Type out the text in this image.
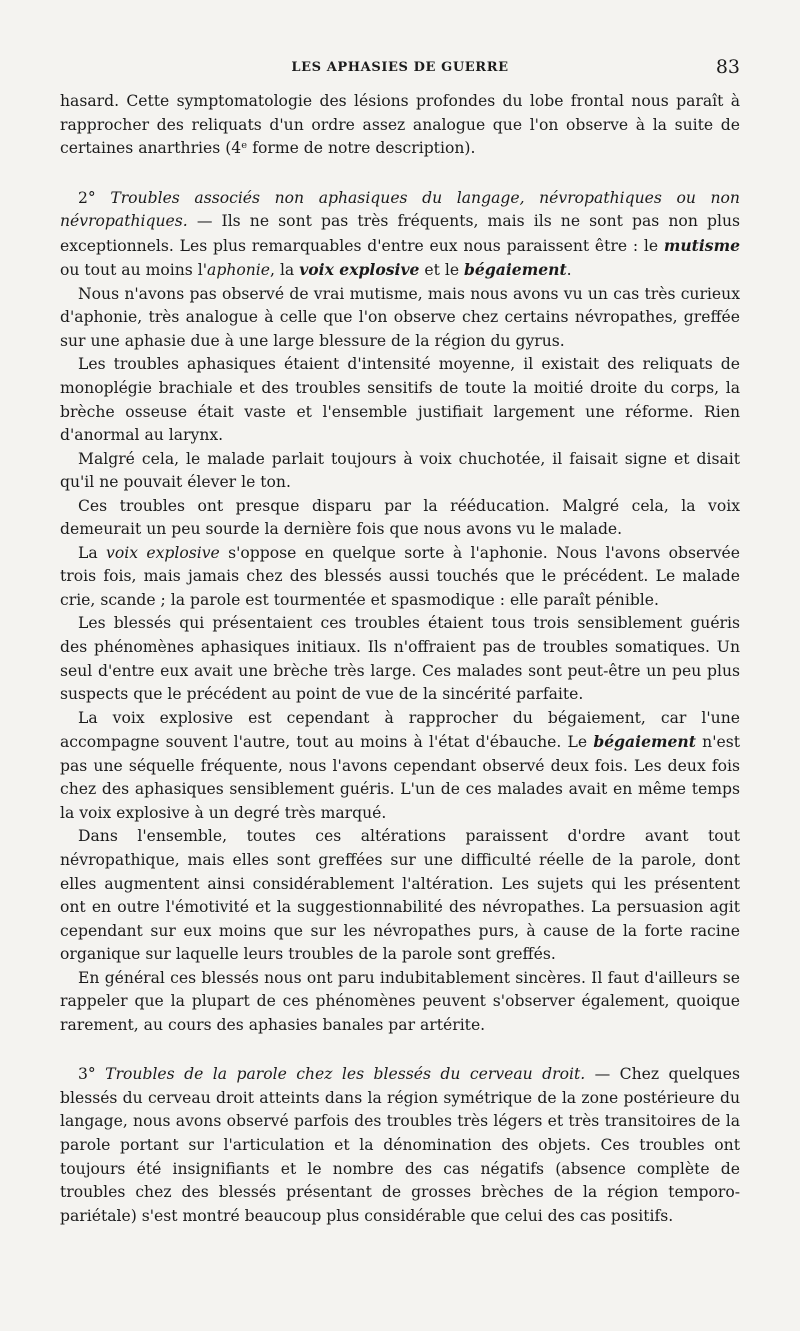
LES APHASIES DE GUERRE	83

hasard. Cette symptomatologie des lésions profondes du lobe frontal nous paraît à rapprocher des reliquats d'un ordre assez analogue que l'on observe à la suite de certaines anarthries (4ᵉ forme de notre description).

2° Troubles associés non aphasiques du langage, névropathiques ou non névropathiques. — Ils ne sont pas très fréquents, mais ils ne sont pas non plus exceptionnels. Les plus remarquables d'entre eux nous paraissent être : le mutisme ou tout au moins l'aphonie, la voix explosive et le bégaiement.

Nous n'avons pas observé de vrai mutisme, mais nous avons vu un cas très curieux d'aphonie, très analogue à celle que l'on observe chez certains névropathes, greffée sur une aphasie due à une large blessure de la région du gyrus.

Les troubles aphasiques étaient d'intensité moyenne, il existait des reliquats de monoplégie brachiale et des troubles sensitifs de toute la moitié droite du corps, la brèche osseuse était vaste et l'ensemble justifiait largement une réforme. Rien d'anormal au larynx.

Malgré cela, le malade parlait toujours à voix chuchotée, il faisait signe et disait qu'il ne pouvait élever le ton.

Ces troubles ont presque disparu par la rééducation. Malgré cela, la voix demeurait un peu sourde la dernière fois que nous avons vu le malade.

La voix explosive s'oppose en quelque sorte à l'aphonie. Nous l'avons observée trois fois, mais jamais chez des blessés aussi touchés que le précédent. Le malade crie, scande ; la parole est tourmentée et spasmodique : elle paraît pénible.

Les blessés qui présentaient ces troubles étaient tous trois sensiblement guéris des phénomènes aphasiques initiaux. Ils n'offraient pas de troubles somatiques. Un seul d'entre eux avait une brèche très large. Ces malades sont peut-être un peu plus suspects que le précédent au point de vue de la sincérité parfaite.

La voix explosive est cependant à rapprocher du bégaiement, car l'une accompagne souvent l'autre, tout au moins à l'état d'ébauche. Le bégaiement n'est pas une séquelle fréquente, nous l'avons cependant observé deux fois. Les deux fois chez des aphasiques sensiblement guéris. L'un de ces malades avait en même temps la voix explosive à un degré très marqué.

Dans l'ensemble, toutes ces altérations paraissent d'ordre avant tout névropathique, mais elles sont greffées sur une difficulté réelle de la parole, dont elles augmentent ainsi considérablement l'altération. Les sujets qui les présentent ont en outre l'émotivité et la suggestionnabilité des névropathes. La persuasion agit cependant sur eux moins que sur les névropathes purs, à cause de la forte racine organique sur laquelle leurs troubles de la parole sont greffés.

En général ces blessés nous ont paru indubitablement sincères. Il faut d'ailleurs se rappeler que la plupart de ces phénomènes peuvent s'observer également, quoique rarement, au cours des aphasies banales par artérite.

3° Troubles de la parole chez les blessés du cerveau droit. — Chez quelques blessés du cerveau droit atteints dans la région symétrique de la zone postérieure du langage, nous avons observé parfois des troubles très légers et très transitoires de la parole portant sur l'articulation et la dénomination des objets. Ces troubles ont toujours été insignifiants et le nombre des cas négatifs (absence complète de troubles chez des blessés présentant de grosses brèches de la région temporo-pariétale) s'est montré beaucoup plus considérable que celui des cas positifs.
